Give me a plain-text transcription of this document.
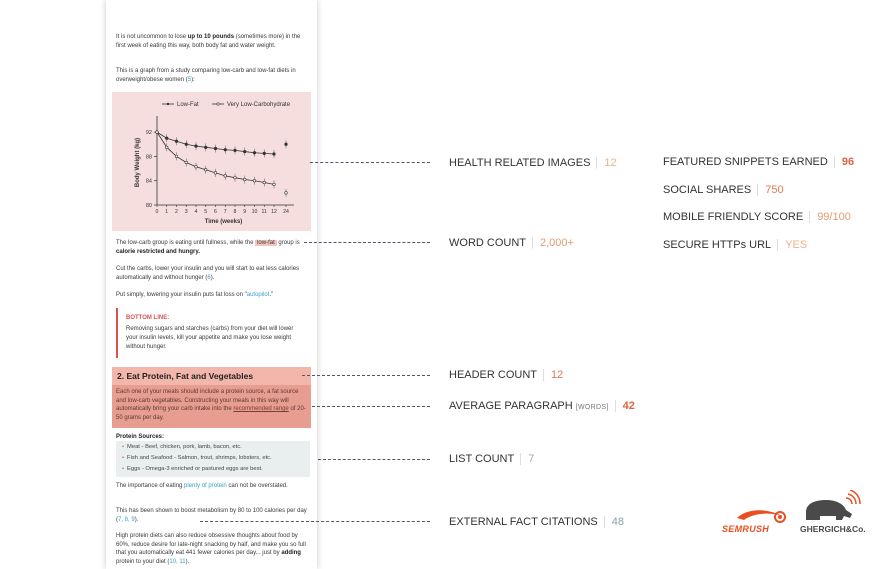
It is not uncommon to lose up to 10 pounds (sometimes more) in the first week of eating this way, both body fat and water weight.

This is a graph from a study comparing low-carb and low-fat diets in overweight/obese women (5):

80
84
88
92
0 1 2 3 4 5 6 7 8 9 10 11 12 24
Time (weeks)
Body Weight (kg)
Low-Fat	Very Low-Carbohydrate

The low-carb group is eating until fullness, while the low-fat group is calorie restricted and hungry.

Cut the carbs, lower your insulin and you will start to eat less calories automatically and without hunger (6).

Put simply, lowering your insulin puts fat loss on "autopilot."

BOTTOM LINE:
Removing sugars and starches (carbs) from your diet will lower your insulin levels, kill your appetite and make you lose weight without hunger.
2. Eat Protein, Fat and Vegetables
Each one of your meals should include a protein source, a fat source and low-carb vegetables. Constructing your meals in this way will automatically bring your carb intake into the recommended range of 20-50 grams per day.

Protein Sources:

• Meat - Beef, chicken, pork, lamb, bacon, etc.
• Fish and Seafood - Salmon, trout, shrimps, lobsters, etc.
• Eggs - Omega-3 enriched or pastured eggs are best.

The importance of eating plenty of protein can not be overstated.

This has been shown to boost metabolism by 80 to 100 calories per day (7, 8, 9).

High protein diets can also reduce obsessive thoughts about food by 60%, reduce desire for late-night snacking by half, and make you so full that you automatically eat 441 fewer calories per day... just by adding protein to your diet (10, 11).

HEALTH RELATED IMAGES 12
WORD COUNT 2,000+
HEADER COUNT 12
AVERAGE PARAGRAPH [WORDS] 42
LIST COUNT 7
EXTERNAL FACT CITATIONS 48
FEATURED SNIPPETS EARNED 96
SOCIAL SHARES 750
MOBILE FRIENDLY SCORE 99/100
SECURE HTTPs URL YES
SEMRUSH	GHERGICH&Co.
